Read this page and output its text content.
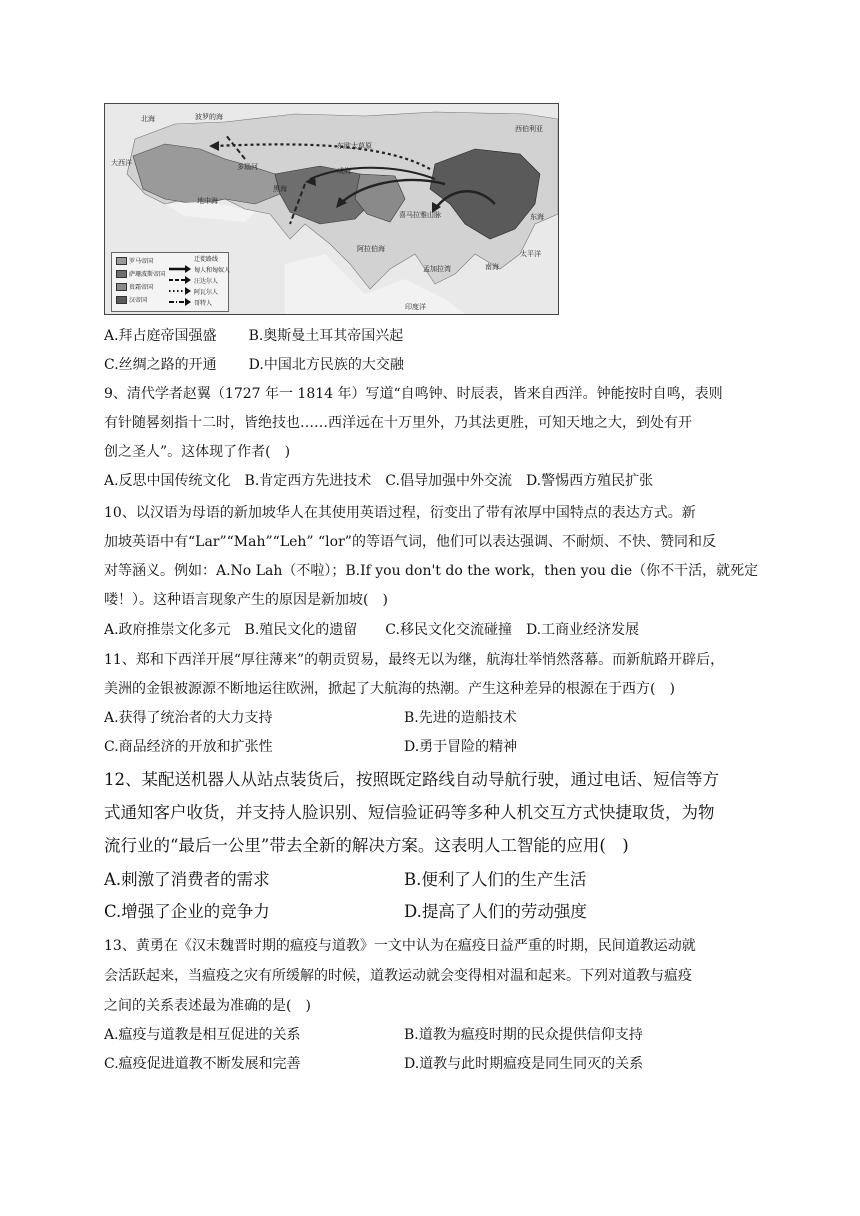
北海
大西洋
波罗的海
东欧大草原
西伯利亚
咸海
地中海
喜马拉雅山脉
阿拉伯海
孟加拉湾
东海
南海
太平洋
印度洋
多瑙河
黑海
罗马帝国
萨珊波斯帝国
贵霜帝国
汉帝国
迁徙路线
匈人和匈奴人
汪达尔人
阿瓦尔人
哥特人
A.拜占庭帝国强盛 B.奥斯曼土耳其帝国兴起
C.丝绸之路的开通 D.中国北方民族的大交融
9、清代学者赵翼（1727 年一 1814 年）写道“自鸣钟、时辰表，皆来自西洋。钟能按时自鸣，表则
有针随晷刻指十二时，皆绝技也……西洋远在十万里外，乃其法更胜，可知天地之大，到处有开
创之圣人”。这体现了作者(　)
A.反思中国传统文化　B.肯定西方先进技术　C.倡导加强中外交流　D.警惕西方殖民扩张
10、以汉语为母语的新加坡华人在其使用英语过程，衍变出了带有浓厚中国特点的表达方式。新
加坡英语中有“Lar”“Mah”“Leh” “lor”的等语气词，他们可以表达强调、不耐烦、不快、赞同和反
对等涵义。例如：A.No Lah（不啦）；B.If you don't do the work，then you die（你不干活，就死定
喽！）。这种语言现象产生的原因是新加坡(　)
A.政府推崇文化多元　B.殖民文化的遗留　　C.移民文化交流碰撞　D.工商业经济发展
11、郑和下西洋开展“厚往薄来”的朝贡贸易，最终无以为继，航海壮举悄然落幕。而新航路开辟后，
美洲的金银被源源不断地运往欧洲，掀起了大航海的热潮。产生这种差异的根源在于西方(　)
A.获得了统治者的大力支持	B.先进的造船技术
C.商品经济的开放和扩张性	D.勇于冒险的精神
12、某配送机器人从站点装货后，按照既定路线自动导航行驶，通过电话、短信等方
式通知客户收货，并支持人脸识别、短信验证码等多种人机交互方式快捷取货，为物
流行业的“最后一公里”带去全新的解决方案。这表明人工智能的应用(　)
A.刺激了消费者的需求	B.便利了人们的生产生活
C.增强了企业的竞争力	D.提高了人们的劳动强度
13、黄勇在《汉末魏晋时期的瘟疫与道教》一文中认为在瘟疫日益严重的时期，民间道教运动就
会活跃起来，当瘟疫之灾有所缓解的时候，道教运动就会变得相对温和起来。下列对道教与瘟疫
之间的关系表述最为准确的是(　)
A.瘟疫与道教是相互促进的关系	B.道教为瘟疫时期的民众提供信仰支持
C.瘟疫促进道教不断发展和完善	D.道教与此时期瘟疫是同生同灭的关系
